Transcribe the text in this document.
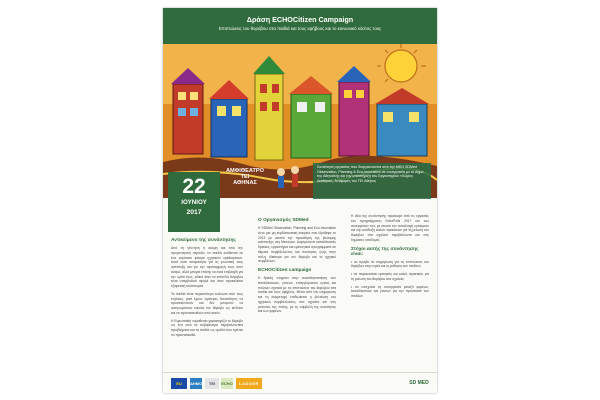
Δράση ECHOCitizen Campaign
Επιπτώσεις του θορύβου στα παιδιά και τους εφήβους και το κοινωνικό κόστος τους
ΑΜΦΙΘΕΑΤΡΟ
ΤΕΙ
ΑΘΗΝΑΣ
Συνάντηση εργασίας που διοργανώνεται από την ΜΚΟ SDMed Observation, Planning & Eco-Innovation σε συνεργασία με το Δήμο της Αθηναϊκής και την υποστήριξη του Εργαστηρίου «Χώρος Αισθήσεις, Αναφορές του ΤΕΙ Αθήνας
22
ΙΟΥΝΙΟΥ
2017
Αντικείμενο της συνάντησης

Από τη γέννηση ή ακόμη και από την προγεννητική περίοδο, τα παιδιά εκτίθενται σε ένα ευρύτατο φάσμα ηχητικών ερεθισμάτων. Αυτά είναι απαραίτητα για τη γνωστική τους ανάπτυξη και για την προσαρμογή τους στον κόσμο, αλλά μπορεί επίσης να είναι επιβλαβή για την υγεία τους, ειδικά όταν τα επίπεδα θορύβου είναι υπερβολικά υψηλά και όταν προκαλείται εξαιρετική ταλαιπωρία.

Τα παιδιά είναι περισσότερο ευάλωτα από τους ενήλικες, γιατί έχουν λιγότερες δυνατότητες να προστατευτούν και δεν μπορούν να αναγνωρίσουν εύκολα τον θόρυβο ως κίνδυνο και να προστατευθούν από αυτόν.

Η Ευρωπαϊκή νομοθεσία χαρακτηρίζει το θόρυβο ως ένα από τα σοβαρότερα περιβαλλοντικά προβλήματα και τα παιδιά ως ομάδα που πρέπει να προστατευθεί.

Ο Οργανισμός SDMed

Η SDMed Observation, Planning and Eco-Innovation είναι μια μη κερδοσκοπική εταιρεία που ιδρύθηκε το 2013 με σκοπό την προώθηση της βιώσιμης ανάπτυξης στη Μεσόγειο. Διοργανώνει εκπαιδευτικές δράσεις, εργαστήρια και ερευνητικά προγράμματα σε θέματα περιβάλλοντος και ποιότητας ζωής στην πόλη, ιδιαίτερα για τον θόρυβο και το ηχητικό περιβάλλον.

ECHOCitizen campaign

Η δράση στοχεύει στην ευαισθητοποίηση των εκπαιδευτικών, γονέων, επαγγελματιών υγείας και πολιτών σχετικά με τις επιπτώσεις του θορύβου στα παιδιά και τους εφήβους. Μέσα από την ενημέρωση και τη συμμετοχή επιδιώκεται η βελτίωση του ηχητικού περιβάλλοντος στα σχολεία και στις γειτονιές της πόλης, με τη συμβολή της κοινότητας και των φορέων.

Η ιδέα της συνάντησης προέκυψε από τις εργασίες του προγράμματος EchoPolis 2017 και των συνεργατών του, με σκοπό την ανταλλαγή εμπειριών και την ανάδειξη καλών πρακτικών για τη μείωση του θορύβου στα σχολικά περιβάλλοντα και στις δημόσιες υποδομές.

Στόχοι αυτής της συνάντησης είναι:

• να προβεί σε ενημέρωση για τις επιπτώσεις του θορύβου στην υγεία και τη μάθηση των παιδιών,

• να παρουσιάσει εμπειρίες και καλές πρακτικές για τη μείωση του θορύβου στα σχολεία,

• να ενισχύσει τη συνεργασία μεταξύ φορέων, εκπαιδευτικών και γονέων για την προστασία των παιδιών.

EU	ΔΗΜΟΣ	ΤΕΙ	ECHO	LADDER	SD MED
